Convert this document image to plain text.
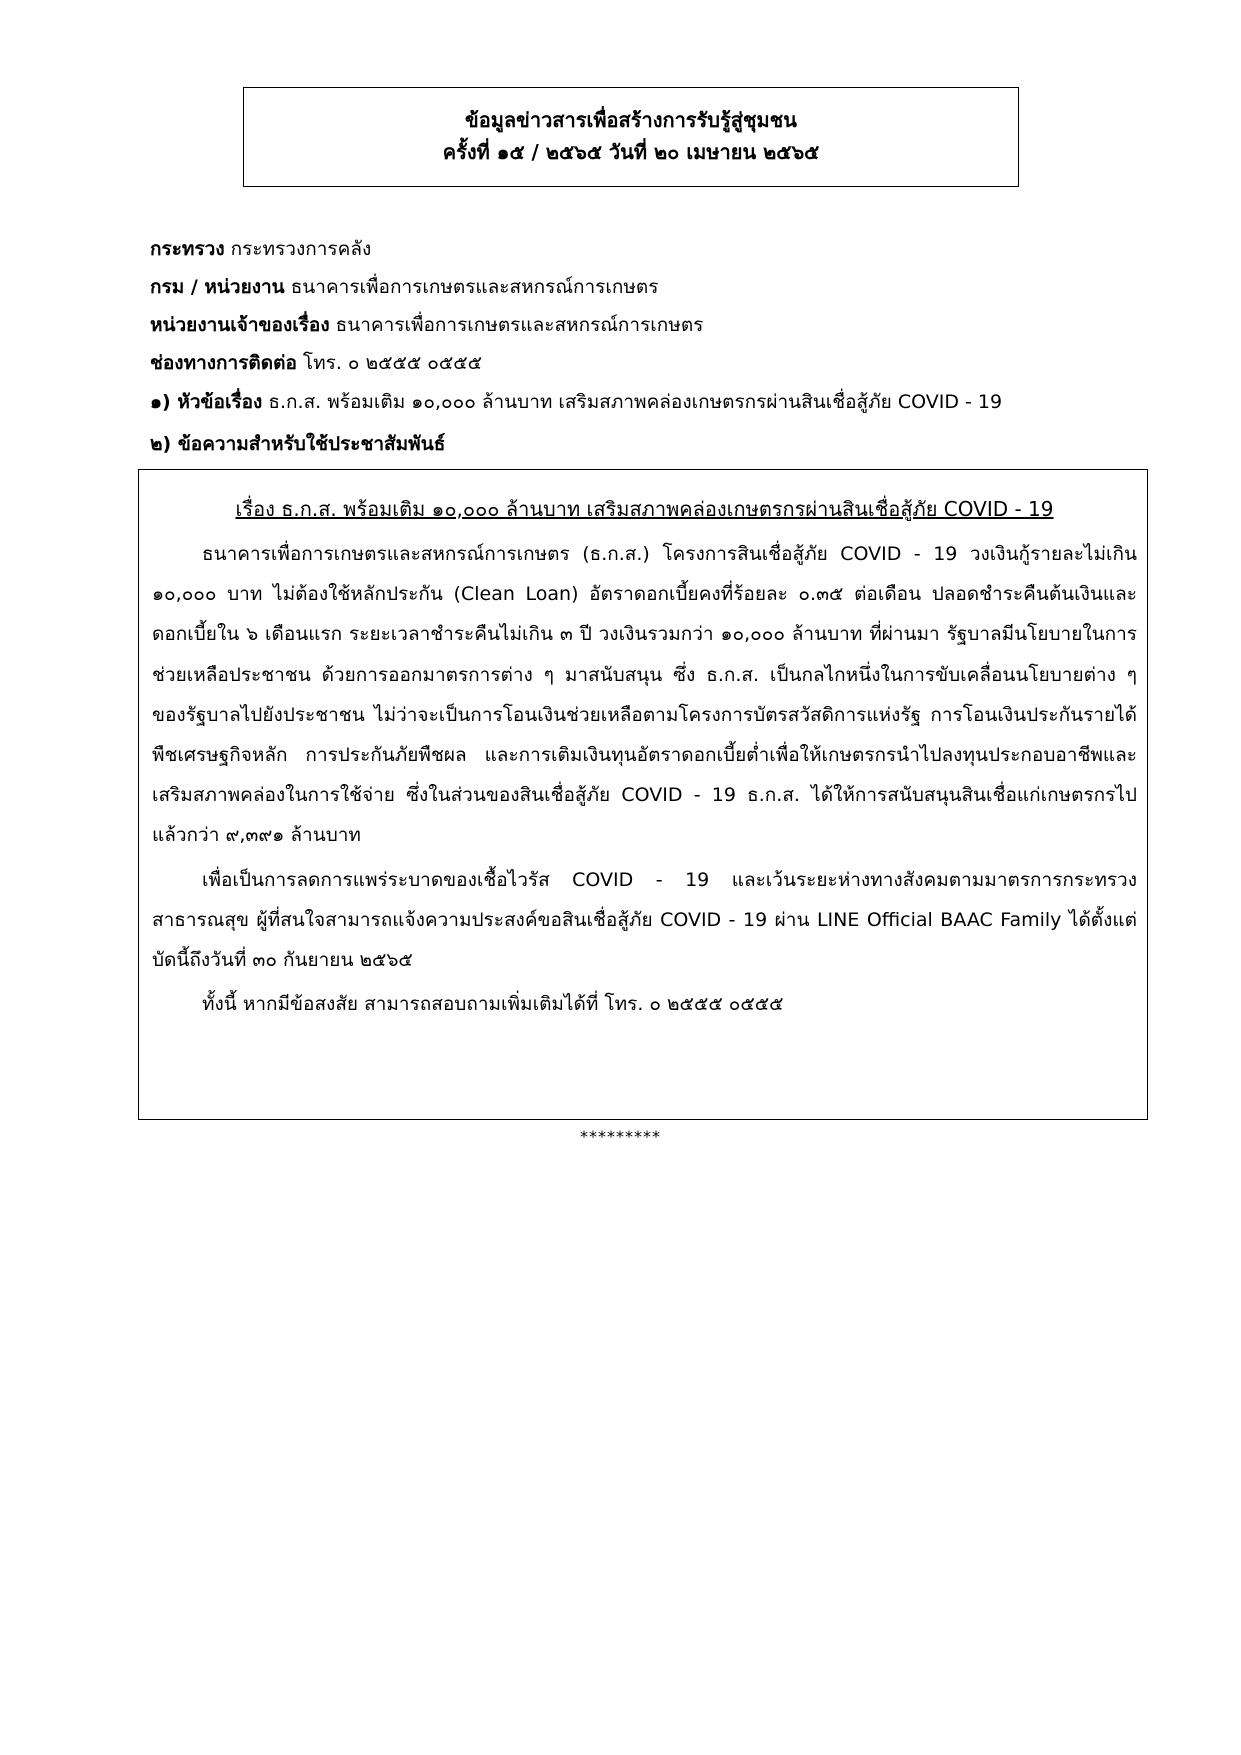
ข้อมูลข่าวสารเพื่อสร้างการรับรู้สู่ชุมชน
ครั้งที่ ๑๕ / ๒๕๖๕ วันที่ ๒๐ เมษายน ๒๕๖๕
กระทรวง กระทรวงการคลัง
กรม / หน่วยงาน ธนาคารเพื่อการเกษตรและสหกรณ์การเกษตร
หน่วยงานเจ้าของเรื่อง ธนาคารเพื่อการเกษตรและสหกรณ์การเกษตร
ช่องทางการติดต่อ โทร. ๐ ๒๕๕๕ ๐๕๕๕
๑) หัวข้อเรื่อง ธ.ก.ส. พร้อมเติม ๑๐,๐๐๐ ล้านบาท เสริมสภาพคล่องเกษตรกรผ่านสินเชื่อสู้ภัย COVID - 19
๒) ข้อความสำหรับใช้ประชาสัมพันธ์
เรื่อง ธ.ก.ส. พร้อมเติม ๑๐,๐๐๐ ล้านบาท เสริมสภาพคล่องเกษตรกรผ่านสินเชื่อสู้ภัย COVID - 19

ธนาคารเพื่อการเกษตรและสหกรณ์การเกษตร (ธ.ก.ส.) โครงการสินเชื่อสู้ภัย COVID - 19 วงเงินกู้รายละไม่เกิน ๑๐,๐๐๐ บาท ไม่ต้องใช้หลักประกัน (Clean Loan) อัตราดอกเบี้ยคงที่ร้อยละ ๐.๓๕ ต่อเดือน ปลอดชำระคืนต้นเงินและดอกเบี้ยใน ๖ เดือนแรก ระยะเวลาชำระคืนไม่เกิน ๓ ปี วงเงินรวมกว่า ๑๐,๐๐๐ ล้านบาท ที่ผ่านมา รัฐบาลมีนโยบายในการช่วยเหลือประชาชน ด้วยการออกมาตรการต่าง ๆ มาสนับสนุน ซึ่ง ธ.ก.ส. เป็นกลไกหนึ่งในการขับเคลื่อนนโยบายต่าง ๆ ของรัฐบาลไปยังประชาชน ไม่ว่าจะเป็นการโอนเงินช่วยเหลือตามโครงการบัตรสวัสดิการแห่งรัฐ การโอนเงินประกันรายได้พืชเศรษฐกิจหลัก การประกันภัยพืชผล และการเติมเงินทุนอัตราดอกเบี้ยต่ำเพื่อให้เกษตรกรนำไปลงทุนประกอบอาชีพและเสริมสภาพคล่องในการใช้จ่าย ซึ่งในส่วนของสินเชื่อสู้ภัย COVID - 19 ธ.ก.ส. ได้ให้การสนับสนุนสินเชื่อแก่เกษตรกรไปแล้วกว่า ๙,๓๙๑ ล้านบาท

เพื่อเป็นการลดการแพร่ระบาดของเชื้อไวรัส COVID - 19 และเว้นระยะห่างทางสังคมตามมาตรการกระทรวงสาธารณสุข ผู้ที่สนใจสามารถแจ้งความประสงค์ขอสินเชื่อสู้ภัย COVID - 19 ผ่าน LINE Official BAAC Family ได้ตั้งแต่บัดนี้ถึงวันที่ ๓๐ กันยายน ๒๕๖๕

ทั้งนี้ หากมีข้อสงสัย สามารถสอบถามเพิ่มเติมได้ที่ โทร. ๐ ๒๕๕๕ ๐๕๕๕

*********
